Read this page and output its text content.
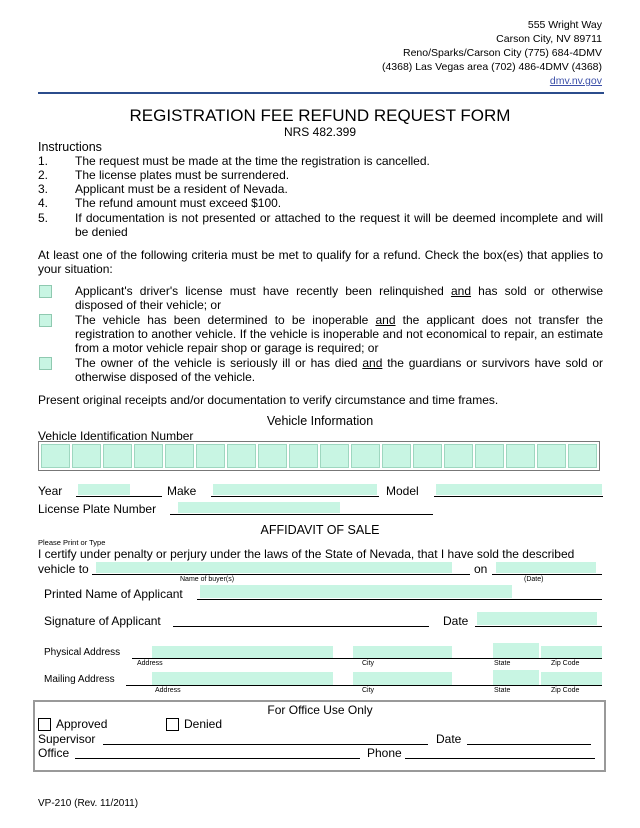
555 Wright Way
Carson City, NV 89711
Reno/Sparks/Carson City (775) 684-4DMV
(4368) Las Vegas area (702) 486-4DMV (4368)
dmv.nv.gov
REGISTRATION FEE REFUND REQUEST FORM
NRS 482.399
Instructions
1.	The request must be made at the time the registration is cancelled.
2.	The license plates must be surrendered.
3.	Applicant must be a resident of Nevada.
4.	The refund amount must exceed $100.
5.	If documentation is not presented or attached to the request it will be deemed incomplete and will be denied
At least one of the following criteria must be met to qualify for a refund. Check the box(es) that applies to your situation:
Applicant's driver's license must have recently been relinquished and has sold or otherwise disposed of their vehicle; or
The vehicle has been determined to be inoperable and the applicant does not transfer the registration to another vehicle. If the vehicle is inoperable and not economical to repair, an estimate from a motor vehicle repair shop or garage is required; or
The owner of the vehicle is seriously ill or has died and the guardians or survivors have sold or otherwise disposed of the vehicle.
Present original receipts and/or documentation to verify circumstance and time frames.
Vehicle Information
Vehicle Identification Number
Year	Make	Model
License Plate Number
AFFIDAVIT OF SALE
Please Print or Type
I certify under penalty or perjury under the laws of the State of Nevada, that I have sold the described
vehicle to	on
Name of buyer(s)	(Date)
Printed Name of Applicant
Signature of Applicant	Date
Physical Address
Address	City	State	Zip Code
Mailing Address
Address	City	State	Zip Code
For Office Use Only
Approved	Denied
Supervisor	Date
Office	Phone
VP-210 (Rev. 11/2011)
